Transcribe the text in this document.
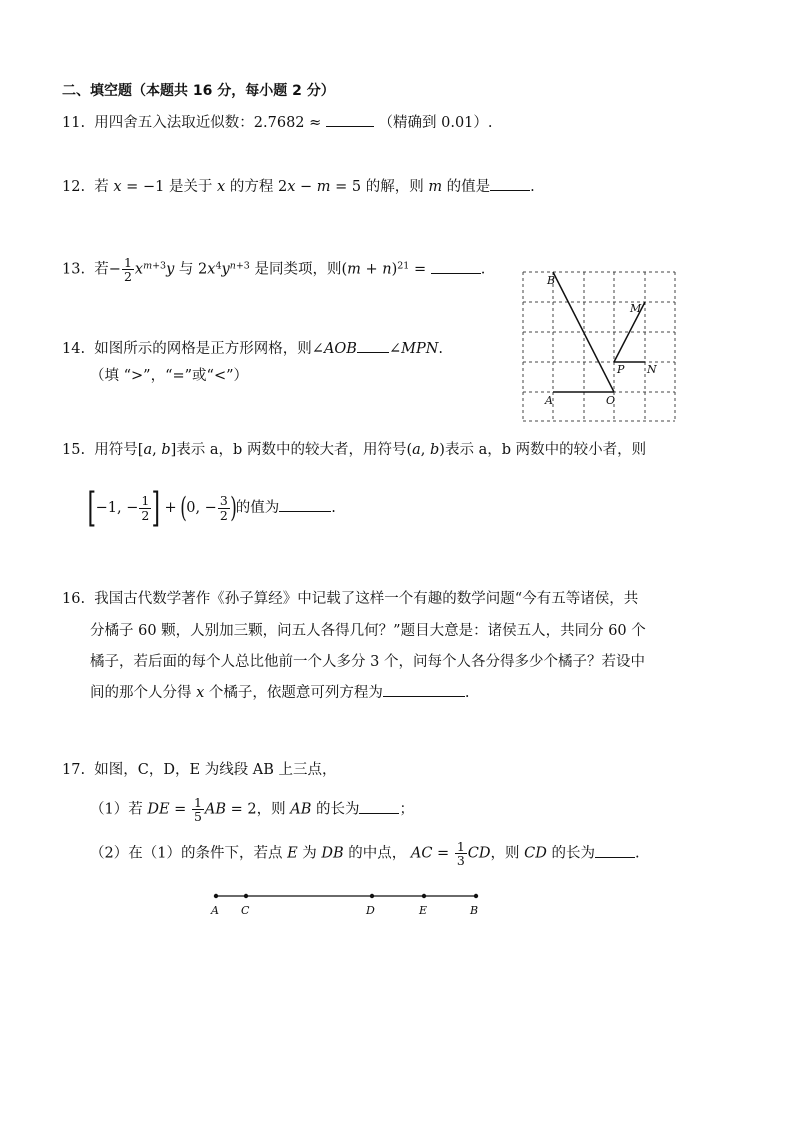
二、填空题（本题共 16 分，每小题 2 分）
11. 用四舍五入法取近似数：2.7682 ≈	（精确到 0.01）.
12. 若 x = −1 是关于 x 的方程 2x − m = 5 的解，则 m 的值是	.
13. 若− $\frac{1}{2} x^{m+3}y$ 与 $2x^4y^{n+3}$ 是同类项，则$(m + n)^{21}$ =	.
14. 如图所示的网格是正方形网格，则∠AOB ∠MPN.
（填 “>”，“=”或“<”）
B
M
P N
A	O
15. 用符号[a, b]表示 a，b 两数中的较大者，用符号(a, b)表示 a，b 两数中的较小者，则
[−1, − $\frac{1}{2}$ ] + (0, − $\frac{3}{2}$ )的值为	.
16. 我国古代数学著作《孙子算经》中记载了这样一个有趣的数学问题“今有五等诸侯，共
分橘子 60 颗，人别加三颗，问五人各得几何？”题目大意是：诸侯五人，共同分 60 个
橘子，若后面的每个人总比他前一个人多分 3 个，问每个人各分得多少个橘子？若设中
间的那个人分得 x 个橘子，依题意可列方程为	.
17. 如图，C，D，E 为线段 AB 上三点，
（1）若 DE = $\frac{1}{5}$ AB = 2，则 AB 的长为	；
（2）在（1）的条件下，若点 E 为 DB 的中点， AC = $\frac{1}{3}$ CD，则 CD 的长为	.
A C	D	E	B
